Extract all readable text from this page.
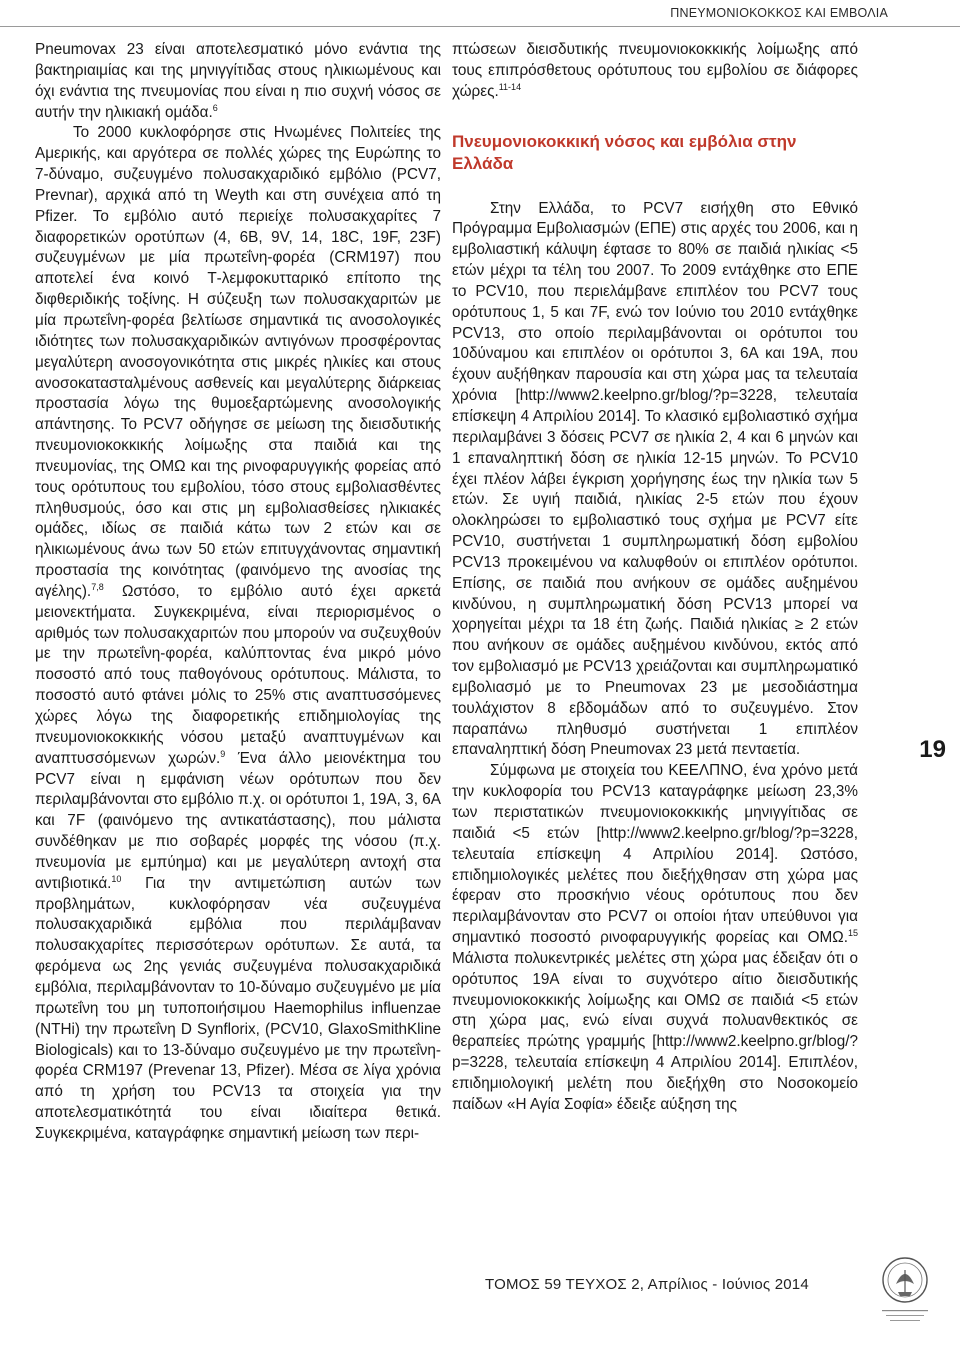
ΠΝΕΥΜΟΝΙΟΚΟΚΚΟΣ ΚΑΙ ΕΜΒΟΛΙΑ

Pneumovax 23 είναι αποτελεσματικό μόνο ενάντια της βακτηριαιμίας και της μηνιγγίτιδας στους ηλικιωμένους και όχι ενάντια της πνευμονίας που είναι η πιο συχνή νόσος σε αυτήν την ηλικιακή ομάδα.$^6$

Το 2000 κυκλοφόρησε στις Ηνωμένες Πολιτείες της Αμερικής, και αργότερα σε πολλές χώρες της Ευρώπης το 7-δύναμο, συζευγμένο πολυσακχαριδικό εμβόλιο (PCV7, Prevnar), αρχικά από τη Weyth και στη συνέχεια από τη Pfizer. Το εμβόλιο αυτό περιείχε πολυσακχαρίτες 7 διαφορετικών οροτύπων (4, 6B, 9V, 14, 18C, 19F, 23F) συζευγμένων με μία πρωτεΐνη-φορέα (CRM197) που αποτελεί ένα κοινό Τ-λεμφοκυτταρικό επίτοπο της διφθεριδικής τοξίνης. Η σύζευξη των πολυσακχαριτών με μία πρωτεΐνη-φορέα βελτίωσε σημαντικά τις ανοσολογικές ιδιότητες των πολυσακχαριδικών αντιγόνων προσφέροντας μεγαλύτερη ανοσογονικότητα στις μικρές ηλικίες και στους ανοσοκατασταλμένους ασθενείς και μεγαλύτερης διάρκειας προστασία λόγω της θυμοεξαρτώμενης ανοσολογικής απάντησης. Το PCV7 οδήγησε σε μείωση της διεισδυτικής πνευμονιοκοκκικής λοίμωξης στα παιδιά και της πνευμονίας, της ΟΜΩ και της ρινοφαρυγγικής φορείας από τους ορότυπους του εμβολίου, τόσο στους εμβολιασθέντες πληθυσμούς, όσο και στις μη εμβολιασθείσες ηλικιακές ομάδες, ιδίως σε παιδιά κάτω των 2 ετών και σε ηλικιωμένους άνω των 50 ετών επιτυγχάνοντας σημαντική προστασία της κοινότητας (φαινόμενο της ανοσίας της αγέλης).$^{7,8}$ Ωστόσο, το εμβόλιο αυτό έχει αρκετά μειονεκτήματα. Συγκεκριμένα, είναι περιορισμένος ο αριθμός των πολυσακχαριτών που μπορούν να συζευχθούν με την πρωτεΐνη-φορέα, καλύπτοντας ένα μικρό μόνο ποσοστό από τους παθογόνους ορότυπους. Μάλιστα, το ποσοστό αυτό φτάνει μόλις το 25% στις αναπτυσσόμενες χώρες λόγω της διαφορετικής επιδημιολογίας της πνευμονιοκοκκικής νόσου μεταξύ αναπτυγμένων και αναπτυσσόμενων χωρών.$^9$ Ένα άλλο μειονέκτημα του PCV7 είναι η εμφάνιση νέων ορότυπων που δεν περιλαμβάνονται στο εμβόλιο π.χ. οι ορότυποι 1, 19A, 3, 6A και 7F (φαινόμενο της αντικατάστασης), που μάλιστα συνδέθηκαν με πιο σοβαρές μορφές της νόσου (π.χ. πνευμονία με εμπύημα) και με μεγαλύτερη αντοχή στα αντιβιοτικά.$^{10}$ Για την αντιμετώπιση αυτών των προβλημάτων, κυκλοφόρησαν νέα συζευγμένα πολυσακχαριδικά εμβόλια που περιλάμβαναν πολυσακχαρίτες περισσότερων ορότυπων. Σε αυτά, τα φερόμενα ως 2ης γενιάς συζευγμένα πολυσακχαριδικά εμβόλια, περιλαμβάνονταν το 10-δύναμο συζευγμένο με μία πρωτεΐνη του μη τυποποιήσιμου Haemophilus influenzae (NTHi) την πρωτεΐνη D Synflorix, (PCV10, GlaxoSmithKline Biologicals) και το 13-δύναμο συζευγμένο με την πρωτεΐνη-φορέα CRM197 (Prevenar 13, Pfizer). Μέσα σε λίγα χρόνια από τη χρήση του PCV13 τα στοιχεία για την αποτελεσματικότητά του είναι ιδιαίτερα θετικά. Συγκεκριμένα, καταγράφηκε σημαντική μείωση των περι-

πτώσεων διεισδυτικής πνευμονιοκοκκικής λοίμωξης από τους επιπρόσθετους ορότυπους του εμβολίου σε διάφορες χώρες.$^{11-14}$

Πνευμονιοκοκκική νόσος και εμβόλια στην Ελλάδα

Στην Ελλάδα, το PCV7 εισήχθη στο Εθνικό Πρόγραμμα Εμβολιασμών (ΕΠΕ) στις αρχές του 2006, και η εμβολιαστική κάλυψη έφτασε το 80% σε παιδιά ηλικίας <5 ετών μέχρι τα τέλη του 2007. Το 2009 εντάχθηκε στο ΕΠΕ το PCV10, που περιελάμβανε επιπλέον του PCV7 τους ορότυπους 1, 5 και 7F, ενώ τον Ιούνιο του 2010 εντάχθηκε PCV13, στο οποίο περιλαμβάνονται οι ορότυποι του 10δύναμου και επιπλέον οι ορότυποι 3, 6A και 19A, που έχουν αυξήθηκαν παρουσία και στη χώρα μας τα τελευταία χρόνια [http://www2.keelpno.gr/blog/?p=3228, τελευταία επίσκεψη 4 Απριλίου 2014]. Το κλασικό εμβολιαστικό σχήμα περιλαμβάνει 3 δόσεις PCV7 σε ηλικία 2, 4 και 6 μηνών και 1 επαναληπτική δόση σε ηλικία 12-15 μηνών. Το PCV10 έχει πλέον λάβει έγκριση χορήγησης έως την ηλικία των 5 ετών. Σε υγιή παιδιά, ηλικίας 2-5 ετών που έχουν ολοκληρώσει το εμβολιαστικό τους σχήμα με PCV7 είτε PCV10, συστήνεται 1 συμπληρωματική δόση εμβολίου PCV13 προκειμένου να καλυφθούν οι επιπλέον ορότυποι. Επίσης, σε παιδιά που ανήκουν σε ομάδες αυξημένου κινδύνου, η συμπληρωματική δόση PCV13 μπορεί να χορηγείται μέχρι τα 18 έτη ζωής. Παιδιά ηλικίας ≥ 2 ετών που ανήκουν σε ομάδες αυξημένου κινδύνου, εκτός από τον εμβολιασμό με PCV13 χρειάζονται και συμπληρωματικό εμβολιασμό με το Pneumovax 23 με μεσοδιάστημα τουλάχιστον 8 εβδομάδων από το συζευγμένο. Στον παραπάνω πληθυσμό συστήνεται 1 επιπλέον επαναληπτική δόση Pneumovax 23 μετά πενταετία.

Σύμφωνα με στοιχεία του ΚΕΕΛΠΝΟ, ένα χρόνο μετά την κυκλοφορία του PCV13 καταγράφηκε μείωση 23,3% των περιστατικών πνευμονιοκοκκικής μηνιγγίτιδας σε παιδιά <5 ετών [http://www2.keelpno.gr/blog/?p=3228, τελευταία επίσκεψη 4 Απριλίου 2014]. Ωστόσο, επιδημιολογικές μελέτες που διεξήχθησαν στη χώρα μας έφεραν στο προσκήνιο νέους ορότυπους που δεν περιλαμβάνονταν στο PCV7 οι οποίοι ήταν υπεύθυνοι για σημαντικό ποσοστό ρινοφαρυγγικής φορείας και ΟΜΩ.$^{15}$ Μάλιστα πολυκεντρικές μελέτες στη χώρα μας έδειξαν ότι ο ορότυπος 19A είναι το συχνότερο αίτιο διεισδυτικής πνευμονιοκοκκικής λοίμωξης και ΟΜΩ σε παιδιά <5 ετών στη χώρα μας, ενώ είναι συχνά πολυανθεκτικός σε θεραπείες πρώτης γραμμής [http://www2.keelpno.gr/blog/?p=3228, τελευταία επίσκεψη 4 Απριλίου 2014]. Επιπλέον, επιδημιολογική μελέτη που διεξήχθη στο Νοσοκομείο παίδων «Η Αγία Σοφία» έδειξε αύξηση της

19
ΤΟΜΟΣ 59 ΤΕΥΧΟΣ 2, Απρίλιος - Ιούνιος 2014
